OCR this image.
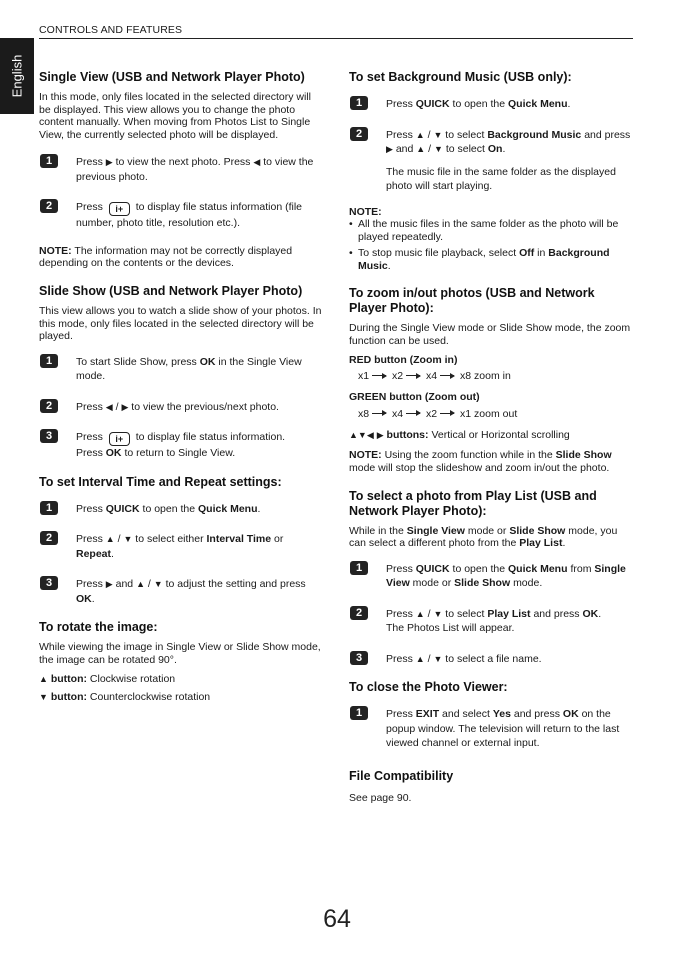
CONTROLS AND FEATURES
English Single View (USB and Network Player Photo)

In this mode, only files located in the selected directory will be displayed. This view allows you to change the photo content manually. When moving from Photos List to Single View, the currently selected photo will be displayed.

1	Press ▶ to view the next photo. Press ◀ to view the previous photo.
2	Press i+ to display file status information (file number, photo title, resolution etc.).

NOTE: The information may not be correctly displayed depending on the contents or the devices.

Slide Show (USB and Network Player Photo)

This view allows you to watch a slide show of your photos. In this mode, only files located in the selected directory will be played.

1	To start Slide Show, press OK in the Single View mode.
2	Press ◀ / ▶ to view the previous/next photo.
3	Press i+ to display file status information.
Press OK to return to Single View.
To set Interval Time and Repeat settings:
1	Press QUICK to open the Quick Menu.
2	Press ▲ / ▼ to select either Interval Time or Repeat.
3	Press ▶ and ▲ / ▼ to adjust the setting and press OK.
To rotate the image:

While viewing the image in Single View or Slide Show mode, the image can be rotated 90°.

▲ button: Clockwise rotation

▼ button: Counterclockwise rotation

To set Background Music (USB only):
1	Press QUICK to open the Quick Menu.
2	Press ▲ / ▼ to select Background Music and press ▶ and ▲ / ▼ to select On.
The music file in the same folder as the displayed photo will start playing.

NOTE:

• All the music files in the same folder as the photo will be played repeatedly.
• To stop music file playback, select Off in Background Music.
To zoom in/out photos (USB and Network Player Photo):

During the Single View mode or Slide Show mode, the zoom function can be used.

RED button (Zoom in)

x1 x2 x4 x8 zoom in

GREEN button (Zoom out)

x8 x4 x2 x1 zoom out

▲▼◀ ▶ buttons: Vertical or Horizontal scrolling

NOTE: Using the zoom function while in the Slide Show mode will stop the slideshow and zoom in/out the photo.

To select a photo from Play List (USB and Network Player Photo):

While in the Single View mode or Slide Show mode, you can select a different photo from the Play List.

1	Press QUICK to open the Quick Menu from Single View mode or Slide Show mode.
2	Press ▲ / ▼ to select Play List and press OK.
The Photos List will appear.
3	Press ▲ / ▼ to select a file name.
To close the Photo Viewer:
1	Press EXIT and select Yes and press OK on the popup window. The television will return to the last viewed channel or external input.
File Compatibility

See page 90.

64
